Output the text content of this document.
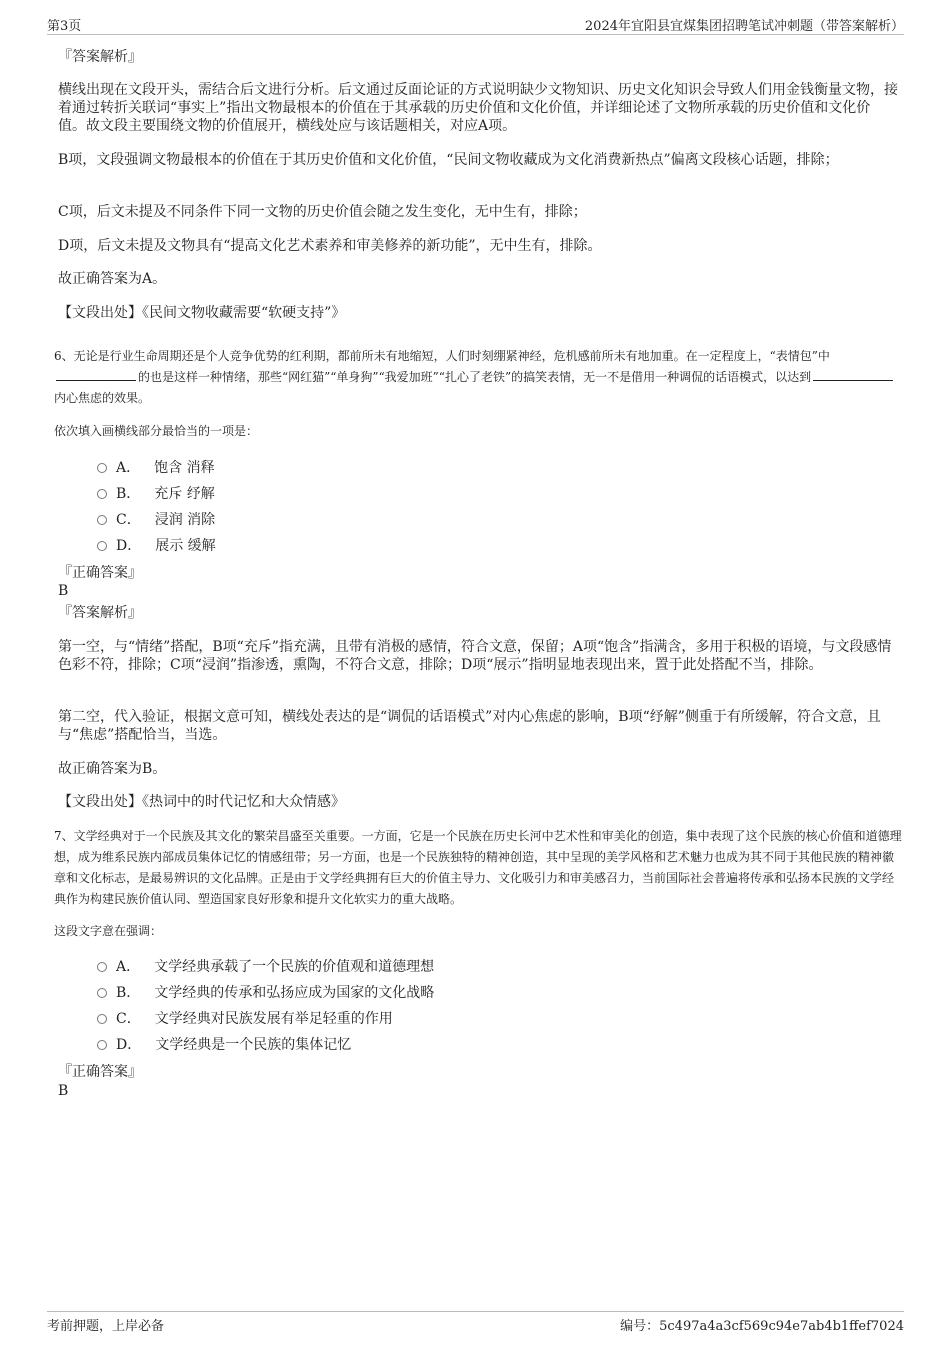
第3页	2024年宜阳县宜煤集团招聘笔试冲刺题（带答案解析）
『答案解析』

横线出现在文段开头，需结合后文进行分析。后文通过反面论证的方式说明缺少文物知识、历史文化知识会导致人们用金钱衡量文物，接着通过转折关联词“事实上”指出文物最根本的价值在于其承载的历史价值和文化价值，并详细论述了文物所承载的历史价值和文化价值。故文段主要围绕文物的价值展开，横线处应与该话题相关，对应A项。

B项，文段强调文物最根本的价值在于其历史价值和文化价值，“民间文物收藏成为文化消费新热点”偏离文段核心话题，排除；

C项，后文未提及不同条件下同一文物的历史价值会随之发生变化，无中生有，排除；

D项，后文未提及文物具有“提高文化艺术素养和审美修养的新功能”，无中生有，排除。

故正确答案为A。

【文段出处】《民间文物收藏需要“软硬支持”》

6、无论是行业生命周期还是个人竞争优势的红利期，都前所未有地缩短，人们时刻绷紧神经，危机感前所未有地加重。在一定程度上，“表情包”中的也是这样一种情绪，那些“网红猫”“单身狗”“我爱加班”“扎心了老铁”的搞笑表情，无一不是借用一种调侃的话语模式，以达到内心焦虑的效果。

依次填入画横线部分最恰当的一项是：

A． 饱含 消释
B． 充斥 纾解
C． 浸润 消除
D． 展示 缓解
『正确答案』
B
『答案解析』

第一空，与“情绪”搭配，B项“充斥”指充满，且带有消极的感情，符合文意，保留；A项“饱含”指满含，多用于积极的语境，与文段感情色彩不符，排除；C项“浸润”指渗透，熏陶，不符合文意，排除；D项“展示”指明显地表现出来，置于此处搭配不当，排除。

第二空，代入验证，根据文意可知，横线处表达的是“调侃的话语模式”对内心焦虑的影响，B项“纾解”侧重于有所缓解，符合文意，且与“焦虑”搭配恰当，当选。

故正确答案为B。

【文段出处】《热词中的时代记忆和大众情感》

7、文学经典对于一个民族及其文化的繁荣昌盛至关重要。一方面，它是一个民族在历史长河中艺术性和审美化的创造，集中表现了这个民族的核心价值和道德理想，成为维系民族内部成员集体记忆的情感纽带；另一方面，也是一个民族独特的精神创造，其中呈现的美学风格和艺术魅力也成为其不同于其他民族的精神徽章和文化标志，是最易辨识的文化品牌。正是由于文学经典拥有巨大的价值主导力、文化吸引力和审美感召力，当前国际社会普遍将传承和弘扬本民族的文学经典作为构建民族价值认同、塑造国家良好形象和提升文化软实力的重大战略。

这段文字意在强调：

A． 文学经典承载了一个民族的价值观和道德理想
B． 文学经典的传承和弘扬应成为国家的文化战略
C． 文学经典对民族发展有举足轻重的作用
D． 文学经典是一个民族的集体记忆
『正确答案』
B
考前押题，上岸必备	编号：5c497a4a3cf569c94e7ab4b1ffef7024
